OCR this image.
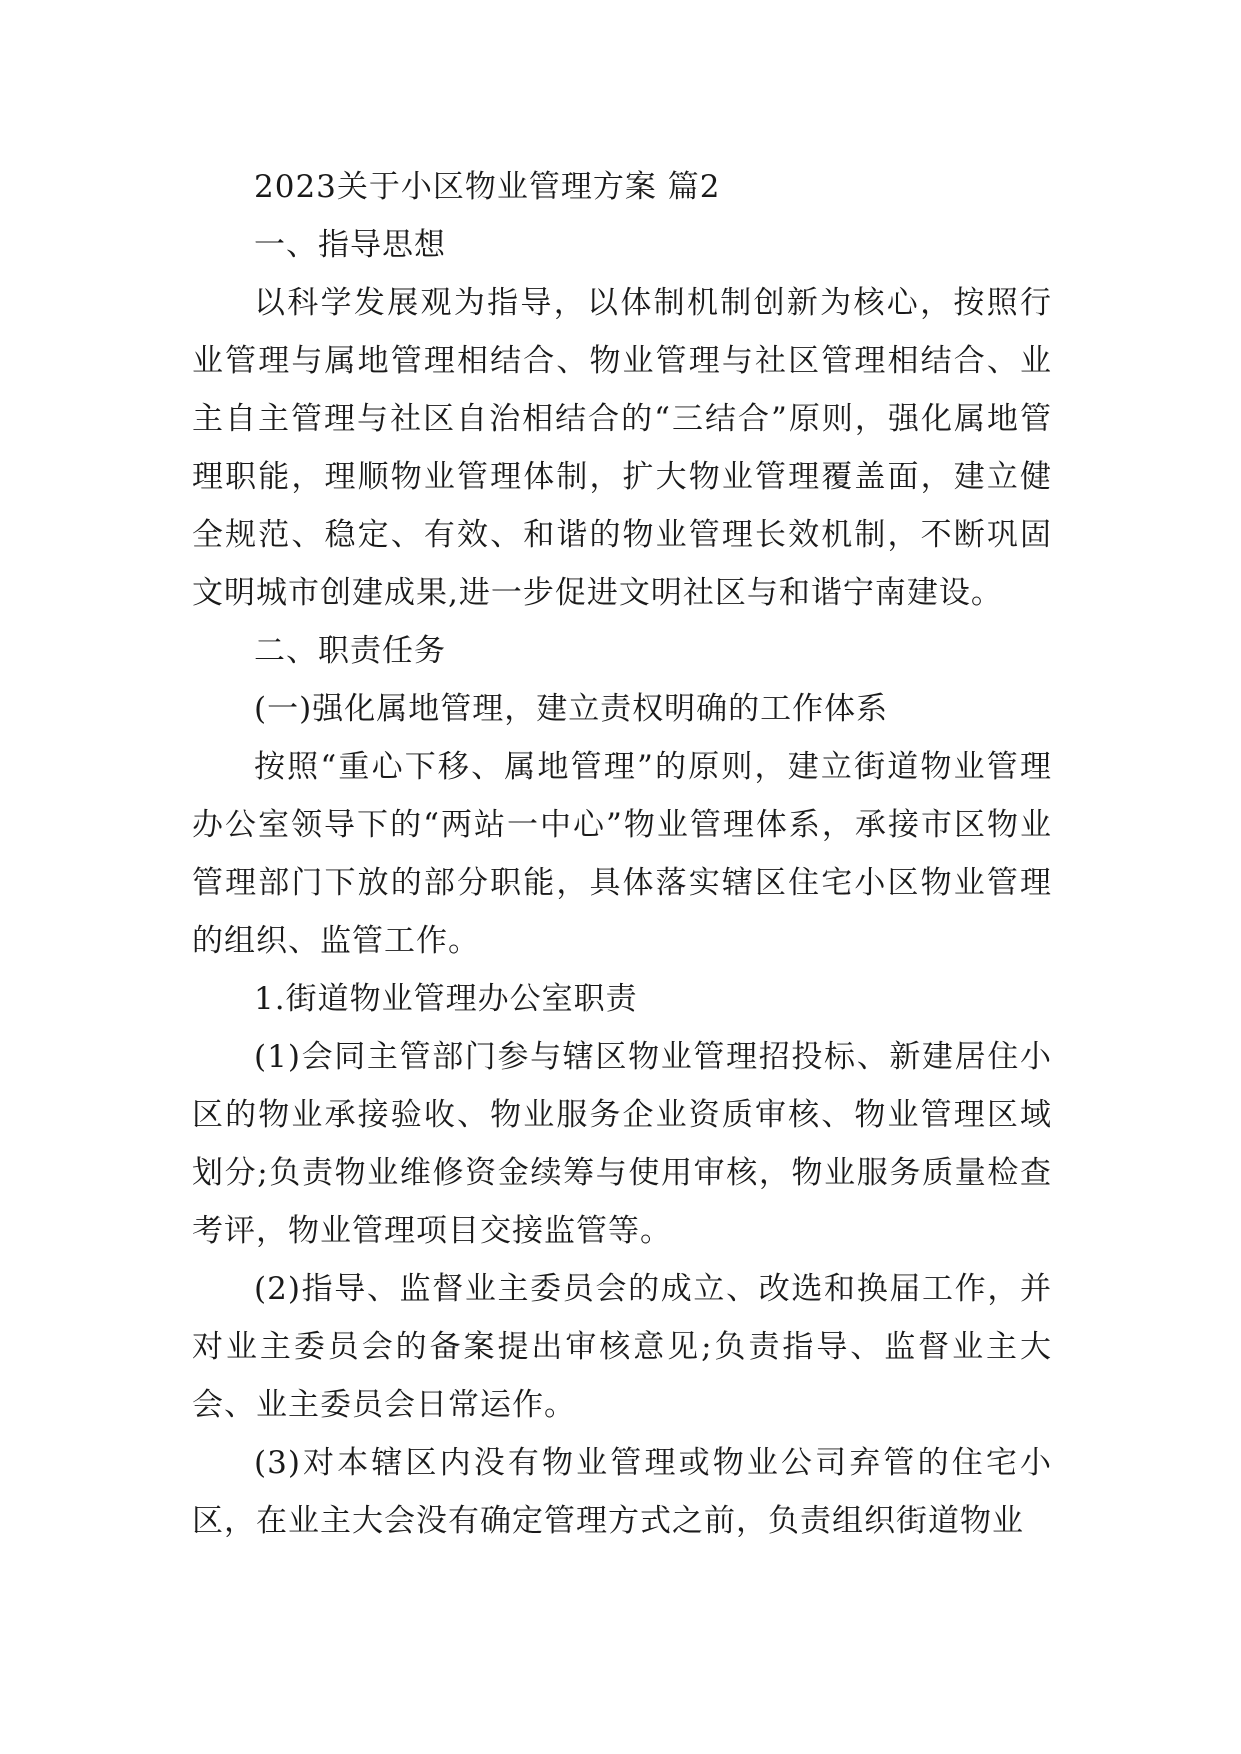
2023关于小区物业管理方案 篇2

一、指导思想

以科学发展观为指导，以体制机制创新为核心，按照行业管理与属地管理相结合、物业管理与社区管理相结合、业主自主管理与社区自治相结合的“三结合”原则，强化属地管理职能，理顺物业管理体制，扩大物业管理覆盖面，建立健全规范、稳定、有效、和谐的物业管理长效机制，不断巩固文明城市创建成果,进一步促进文明社区与和谐宁南建设。

二、职责任务

(一)强化属地管理，建立责权明确的工作体系

按照“重心下移、属地管理”的原则，建立街道物业管理办公室领导下的“两站一中心”物业管理体系，承接市区物业管理部门下放的部分职能，具体落实辖区住宅小区物业管理的组织、监管工作。

1.街道物业管理办公室职责

(1)会同主管部门参与辖区物业管理招投标、新建居住小区的物业承接验收、物业服务企业资质审核、物业管理区域划分;负责物业维修资金续筹与使用审核，物业服务质量检查考评，物业管理项目交接监管等。

(2)指导、监督业主委员会的成立、改选和换届工作，并对业主委员会的备案提出审核意见;负责指导、监督业主大会、业主委员会日常运作。

(3)对本辖区内没有物业管理或物业公司弃管的住宅小区，在业主大会没有确定管理方式之前，负责组织街道物业
